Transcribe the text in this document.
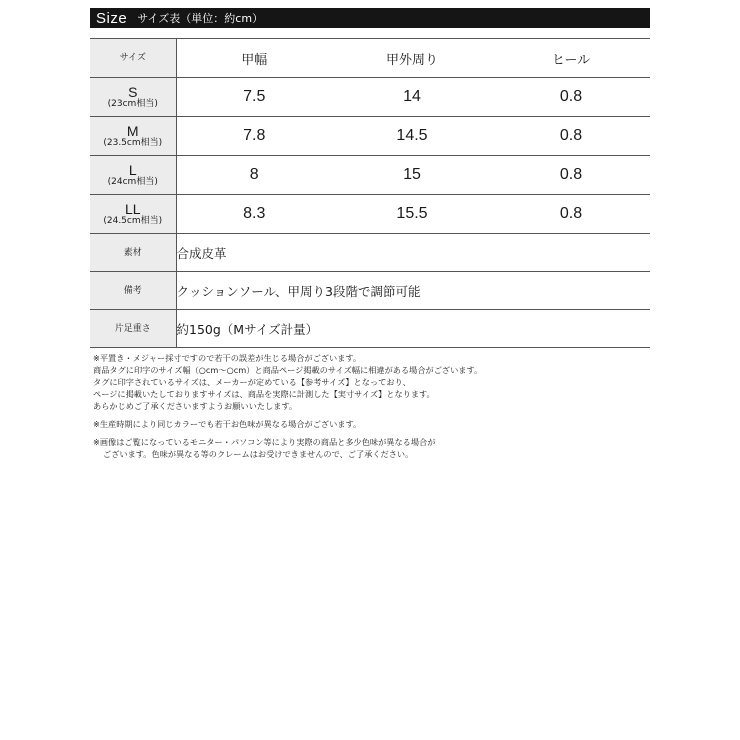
Size サイズ表（単位：約cm）
サイズ	甲幅	甲外周り	ヒール

S
(23cm相当)	7.5	14	0.8

M
(23.5cm相当)	7.8	14.5	0.8

L
(24cm相当)	8	15	0.8

LL
(24.5cm相当)	8.3	15.5	0.8
素材	合成皮革		
備考	クッションソール、甲周り3段階で調節可能		
片足重さ	約150g（Mサイズ計量）		
※平置き・メジャー採寸ですので若干の誤差が生じる場合がございます。
商品タグに印字のサイズ幅（○cm～○cm）と商品ページ掲載のサイズ幅に相違がある場合がございます。
タグに印字されているサイズは、メーカーが定めている【参考サイズ】となっており、
ページに掲載いたしておりますサイズは、商品を実際に計測した【実寸サイズ】となります。
あらかじめご了承くださいますようお願いいたします。
※生産時期により同じカラーでも若干お色味が異なる場合がございます。
※画像はご覧になっているモニター・パソコン等により実際の商品と多少色味が異なる場合が
ございます。色味が異なる等のクレームはお受けできませんので、ご了承ください。
